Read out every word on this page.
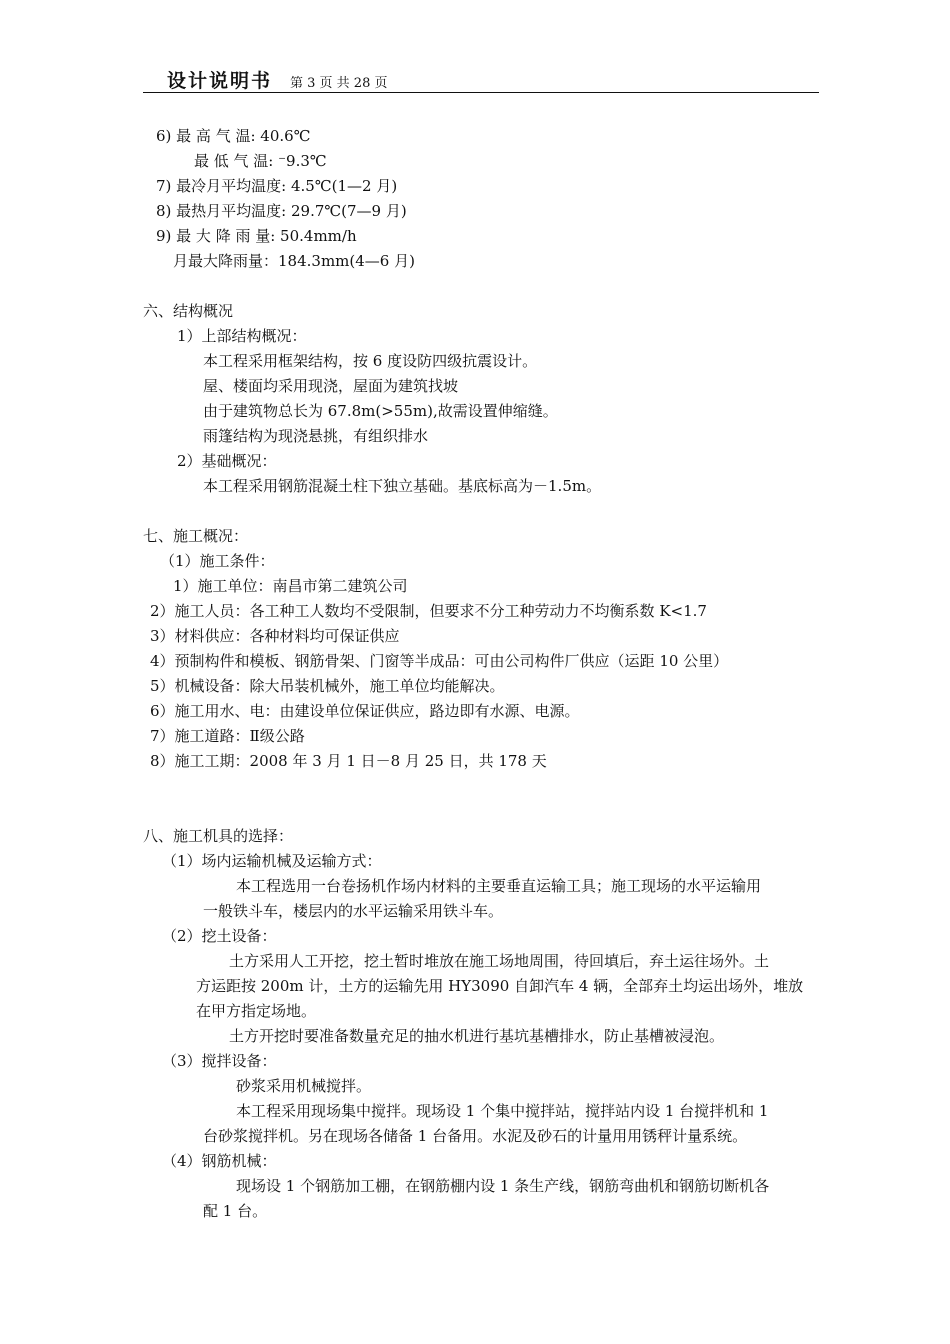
设计说明书 第 3 页 共 28 页
6) 最 高 气 温: 40.6℃
最 低 气 温: ⁻9.3℃
7) 最冷月平均温度: 4.5℃(1—2 月)
8) 最热月平均温度: 29.7℃(7—9 月)
9) 最 大 降 雨 量: 50.4mm/h
月最大降雨量：184.3mm(4—6 月)
六、结构概况
1）上部结构概况：
本工程采用框架结构，按 6 度设防四级抗震设计。
屋、楼面均采用现浇，屋面为建筑找坡
由于建筑物总长为 67.8m(>55m),故需设置伸缩缝。
雨篷结构为现浇悬挑，有组织排水
2）基础概况：
本工程采用钢筋混凝土柱下独立基础。基底标高为－1.5m。
七、施工概况：
（1）施工条件：
1）施工单位：南昌市第二建筑公司
2）施工人员：各工种工人数均不受限制，但要求不分工种劳动力不均衡系数 K<1.7
3）材料供应：各种材料均可保证供应
4）预制构件和模板、钢筋骨架、门窗等半成品：可由公司构件厂供应（运距 10 公里）
5）机械设备：除大吊装机械外，施工单位均能解决。
6）施工用水、电：由建设单位保证供应，路边即有水源、电源。
7）施工道路：Ⅱ级公路
8）施工工期：2008 年 3 月 1 日－8 月 25 日，共 178 天
八、施工机具的选择：
（1）场内运输机械及运输方式：
本工程选用一台卷扬机作场内材料的主要垂直运输工具；施工现场的水平运输用
一般铁斗车，楼层内的水平运输采用铁斗车。
（2）挖土设备：
土方采用人工开挖，挖土暂时堆放在施工场地周围，待回填后，弃土运往场外。土
方运距按 200m 计，土方的运输先用 HY3090 自卸汽车 4 辆，全部弃土均运出场外，堆放
在甲方指定场地。
土方开挖时要准备数量充足的抽水机进行基坑基槽排水，防止基槽被浸泡。
（3）搅拌设备：
砂浆采用机械搅拌。
本工程采用现场集中搅拌。现场设 1 个集中搅拌站，搅拌站内设 1 台搅拌机和 1
台砂浆搅拌机。另在现场各储备 1 台备用。水泥及砂石的计量用用锈秤计量系统。
（4）钢筋机械：
现场设 1 个钢筋加工棚，在钢筋棚内设 1 条生产线，钢筋弯曲机和钢筋切断机各
配 1 台。
